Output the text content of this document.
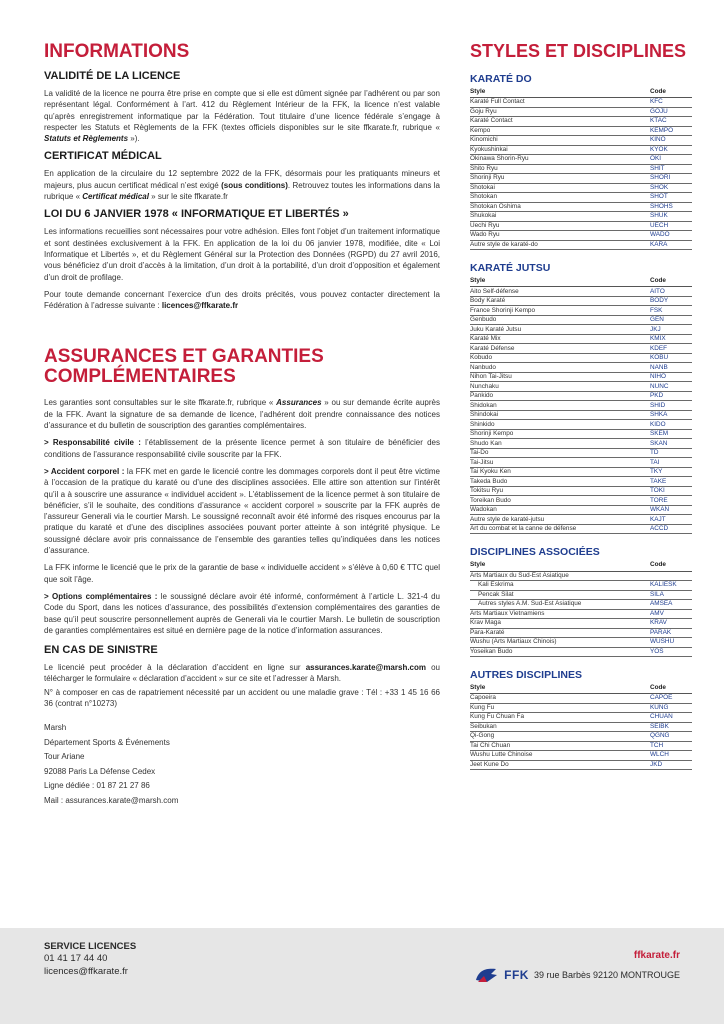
INFORMATIONS
VALIDITÉ DE LA LICENCE

La validité de la licence ne pourra être prise en compte que si elle est dûment signée par l’adhérent ou par son représentant légal. Conformément à l’art. 412 du Règlement Intérieur de la FFK, la licence n’est valable qu’après enregistrement informatique par la Fédération. Tout titulaire d’une licence fédérale s’engage à respecter les Statuts et Règlements de la FFK (textes officiels disponibles sur le site ffkarate.fr, rubrique « Statuts et Règlements »).

CERTIFICAT MÉDICAL

En application de la circulaire du 12 septembre 2022 de la FFK, désormais pour les pratiquants mineurs et majeurs, plus aucun certificat médical n’est exigé (sous conditions). Retrouvez toutes les informations dans la rubrique « Certificat médical » sur le site ffkarate.fr

LOI DU 6 JANVIER 1978 « INFORMATIQUE ET LIBERTÉS »

Les informations recueillies sont nécessaires pour votre adhésion. Elles font l’objet d’un traitement informatique et sont destinées exclusivement à la FFK. En application de la loi du 06 janvier 1978, modifiée, dite « Loi Informatique et Libertés », et du Règlement Général sur la Protection des Données (RGPD) du 27 avril 2016, vous bénéficiez d’un droit d’accès à la limitation, d’un droit à la portabilité, d’un droit d’opposition et également d’un droit de profilage.

Pour toute demande concernant l’exercice d’un des droits précités, vous pouvez contacter directement la Fédération à l’adresse suivante : licences@ffkarate.fr

ASSURANCES ET GARANTIES COMPLÉMENTAIRES

Les garanties sont consultables sur le site ffkarate.fr, rubrique « Assurances » ou sur demande écrite auprès de la FFK. Avant la signature de sa demande de licence, l’adhérent doit prendre connaissance des notices d’assurance et du bulletin de souscription des garanties complémentaires.

> Responsabilité civile : l’établissement de la présente licence permet à son titulaire de bénéficier des conditions de l’assurance responsabilité civile souscrite par la FFK.

> Accident corporel : la FFK met en garde le licencié contre les dommages corporels dont il peut être victime à l’occasion de la pratique du karaté ou d’une des disciplines associées. Elle attire son attention sur l’intérêt qu’il a à souscrire une assurance « individuel accident ». L’établissement de la licence permet à son titulaire de bénéficier, s’il le souhaite, des conditions d’assurance « accident corporel » souscrite par la FFK auprès de l’assureur Generali via le courtier Marsh. Le soussigné reconnaît avoir été informé des risques encourus par la pratique du karaté et d’une des disciplines associées pouvant porter atteinte à son intégrité physique. Le soussigné déclare avoir pris connaissance de l’ensemble des garanties telles qu’indiquées dans les notices d’assurance.

La FFK informe le licencié que le prix de la garantie de base « individuelle accident » s’élève à 0,60 € TTC quel que soit l’âge.

> Options complémentaires : le soussigné déclare avoir été informé, conformément à l’article L. 321-4 du Code du Sport, dans les notices d’assurance, des possibilités d’extension complémentaires des garanties de base qu’il peut souscrire personnellement auprès de Generali via le courtier Marsh. Le bulletin de souscription de garanties complémentaires est situé en dernière page de la notice d’information assurances.

EN CAS DE SINISTRE

Le licencié peut procéder à la déclaration d’accident en ligne sur assurances.karate@marsh.com ou télécharger le formulaire « déclaration d’accident » sur ce site et l’adresser à Marsh.

N° à composer en cas de rapatriement nécessité par un accident ou une maladie grave : Tél : +33 1 45 16 66 36 (contrat n°10273)

Marsh
Département Sports & Événements
Tour Ariane
92088 Paris La Défense Cedex
Ligne dédiée : 01 87 21 27 86
Mail : assurances.karate@marsh.com
STYLES ET DISCIPLINES
KARATÉ DO
Style	Code
Karaté Full Contact	KFC
Goju Ryu	GOJU
Karaté Contact	KTAC
Kempo	KEMPO
Kinomichi	KINO
Kyokushinkai	KYOK
Okinawa Shorin-Ryu	OKI
Shito Ryu	SHIT
Shorinji Ryu	SHORI
Shotokai	SHOK
Shotokan	SHOT
Shotokan Oshima	SHOHS
Shukokai	SHUK
Uechi Ryu	UECH
Wado Ryu	WADO
Autre style de karaté-do	KARA
KARATÉ JUTSU
Style	Code
Aito Self-défense	AITO
Body Karaté	BODY
France Shorinji Kempo	FSK
Genbudo	GEN
Juku Karaté Jutsu	JKJ
Karaté Mix	KMIX
Karaté Défense	KDEF
Kobudo	KOBU
Nanbudo	NANB
Nihon Tai-Jitsu	NIHO
Nunchaku	NUNC
Pankido	PKD
Shidokan	SHID
Shindokai	SHKA
Shinkido	KIDO
Shorinji Kempo	SKEM
Shudo Kan	SKAN
Tai-Do	TD
Tai-Jitsu	TAI
Tai Kyoku Ken	TKY
Takeda Budo	TAKE
Tokitsu Ryu	TOKI
Toreikan Budo	TORE
Wadokan	WKAN
Autre style de karaté-jutsu	KAJT
Art du combat et la canne de défense	ACCD
DISCIPLINES ASSOCIÉES
Style	Code
Arts Martiaux du Sud-Est Asiatique	
Kali Eskrima	KALIESK
Pencak Silat	SILA
Autres styles A.M. Sud-Est Asiatique	AMSEA
Arts Martiaux Vietnamiens	AMV
Krav Maga	KRAV
Para-Karaté	PARAK
Wushu (Arts Martiaux Chinois)	WUSHU
Yoseikan Budo	YOS
AUTRES DISCIPLINES
Style	Code
Capoeira	CAPOE
Kung Fu	KUNG
Kung Fu Chuan Fa	CHUAN
Seibukan	SEIBK
Qi-Gong	QGNG
Tai Chi Chuan	TCH
Wushu Lutte Chinoise	WLCH
Jeet Kune Do	JKD
SERVICE LICENCES
01 41 17 44 40
licences@ffkarate.fr
ffkarate.fr
FFK 39 rue Barbès 92120 MONTROUGE
